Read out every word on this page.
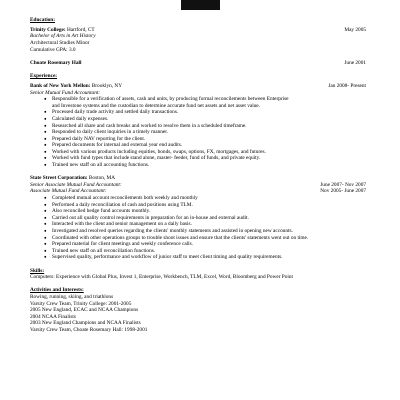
Education:
Trinity College: Hartford, CT	May 2005
Bachelor of Arts in Art History
Architectural Studies Minor
Cumulative GPA: 3.0
Choate Rosemary Hall	June 2001
Experience:
Bank of New York Mellon: Brooklyn, NY	Jan 2008- Present
Senior Mutual Fund Accountant:
● Responsible for a verification of assets, cash and units, by producing formal reconcilements between Enterprise
and Investone systems and the custodian to determine accurate fund net assets and net asset value.
● Processed daily trade activity and settled daily transactions.
● Calculated daily expenses.
● Researched all share and cash breaks and worked to resolve them in a scheduled timeframe.
● Responded to daily client inquiries in a timely manner.
● Prepared daily NAV reporting for the client.
● Prepared documents for internal and external year end audits.
● Worked with various products including equities, bonds, swaps, options, FX, mortgages, and futures.
● Worked with fund types that include stand alone, master- feeder, fund of funds, and private equity.
● Trained new staff on all accounting functions.
State Street Corporation: Boston, MA
Senior Associate Mutual Fund Accountant:	June 2007- Nov 2007
Associate Mutual Fund Accountant:	Nov 2005- June 2007
● Completed mutual account reconcilements both weekly and monthly
● Performed a daily reconciliation of cash and positions using TLM.
● Also reconciled hedge fund accounts monthly.
● Carried out all quality control requirements in preparation for an in-house and external audit.
● Interacted with the client and senior management on a daily basis.
● Investigated and resolved queries regarding the clients' monthly statements and assisted in opening new accounts.
● Coordinated with other operations groups to trouble shoot issues and ensure that the clients' statements went out on time.
● Prepared material for client meetings and weekly conference calls.
● Trained new staff on all reconciliation functions.
● Supervised quality, performance and workflow of junior staff to meet client timing and quality requirements.
Skills:
Computers: Experience with Global Plus, Invest 1, Enterprise, Workbench, TLM, Excel, Word, Bloomberg and Power Point
Activities and Interests:
Rowing, running, skiing, and triathlons
Varsity Crew Team, Trinity College: 2001-2005
2005 New England, ECAC and NCAA Champions
2004 NCAA Finalists
2003 New England Champions and NCAA Finalists
Varsity Crew Team, Choate Rosemary Hall: 1998-2001
